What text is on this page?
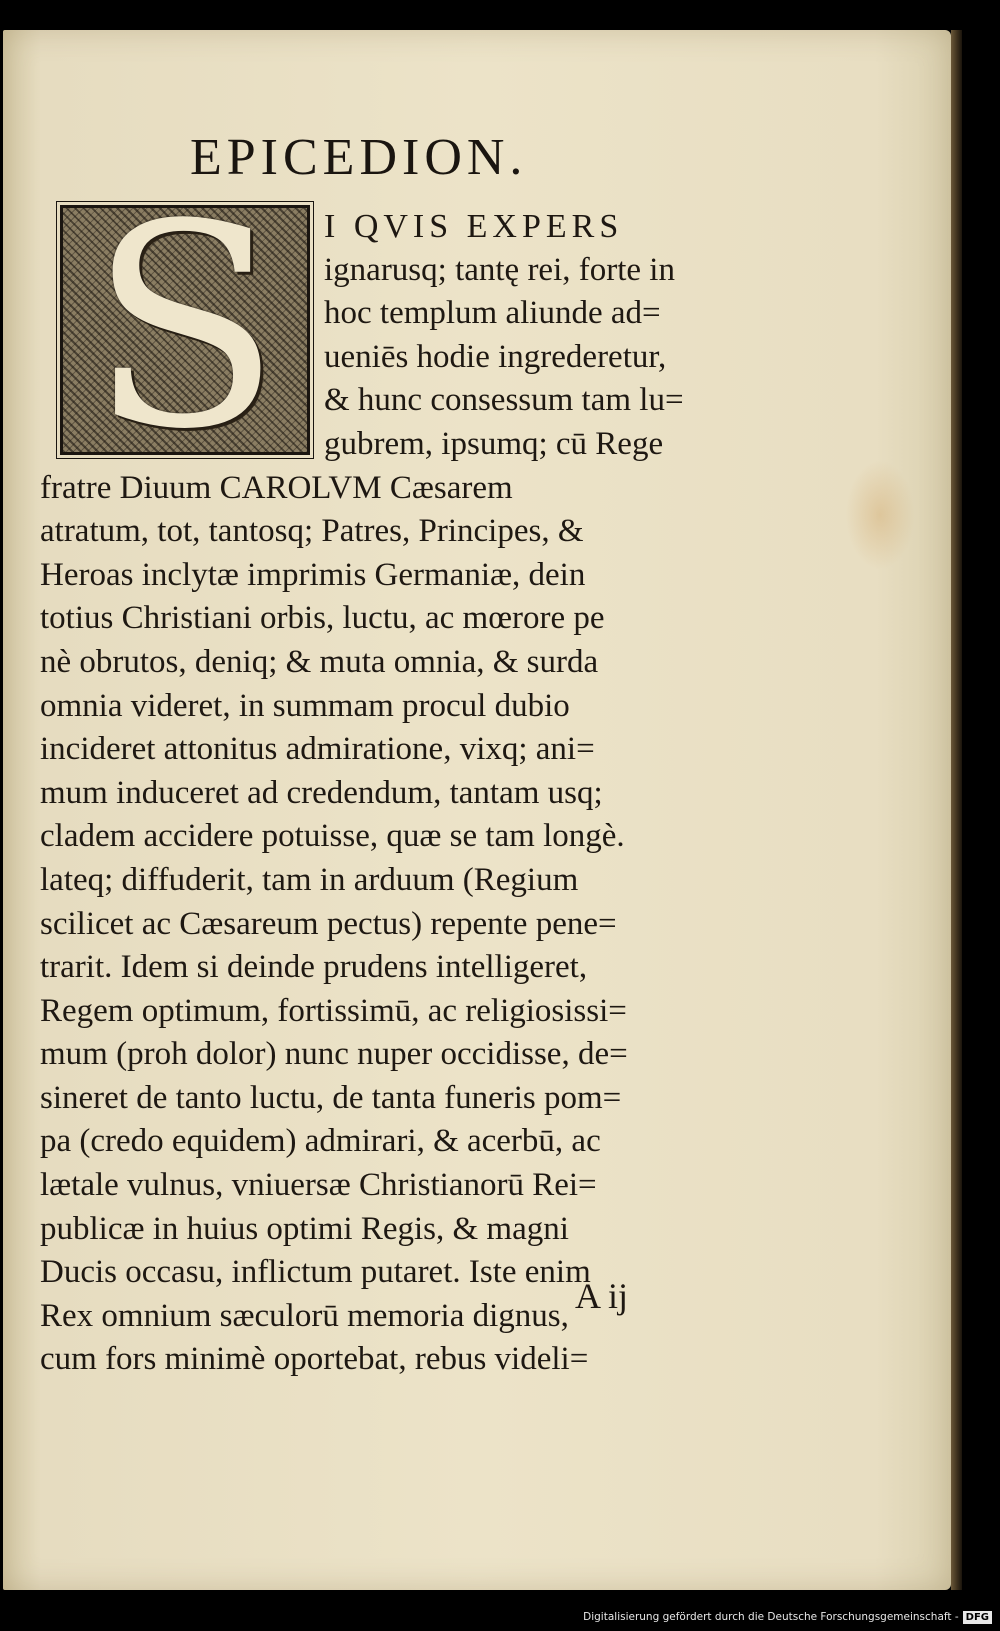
EPICEDION.
S	I QVIS EXPERS
ignarusq; tantę rei, forte in
hoc templum aliunde ad=
ueniēs hodie ingrederetur,
& hunc consessum tam lu=
gubrem, ipsumq; cū Rege
fratre Diuum CAROLVM Cæsarem
atratum, tot, tantosq; Patres, Principes, &
Heroas inclytæ imprimis Germaniæ, dein
totius Christiani orbis, luctu, ac mœrore pe
nè obrutos, deniq; & muta omnia, & surda
omnia videret, in summam procul dubio
incideret attonitus admiratione, vixq; ani=
mum induceret ad credendum, tantam usq;
cladem accidere potuisse, quæ se tam longè.
lateq; diffuderit, tam in arduum (Regium
scilicet ac Cæsareum pectus) repente pene=
trarit. Idem si deinde prudens intelligeret,
Regem optimum, fortissimū, ac religiosissi=
mum (proh dolor) nunc nuper occidisse, de=
sineret de tanto luctu, de tanta funeris pom=
pa (credo equidem) admirari, & acerbū, ac
lætale vulnus, vniuersæ Christianorū Rei=
publicæ in huius optimi Regis, & magni
Ducis occasu, inflictum putaret. Iste enim
Rex omnium sæculorū memoria dignus,
cum fors minimè oportebat, rebus videli=
A ij
Digitalisierung gefördert durch die Deutsche Forschungsgemeinschaft - DFG
